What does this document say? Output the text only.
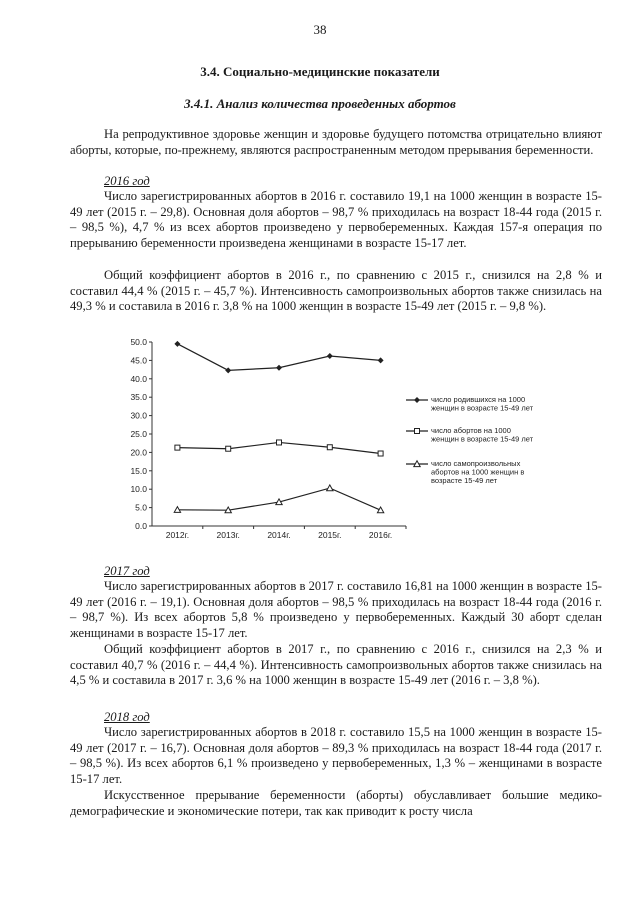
38
3.4. Социально-медицинские показатели
3.4.1. Анализ количества проведенных абортов

На репродуктивное здоровье женщин и здоровье будущего потомства отрицательно влияют аборты, которые, по-прежнему, являются распространенным методом прерывания беременности.

2016 год

Число зарегистрированных абортов в 2016 г. составило 19,1 на 1000 женщин в возрасте 15-49 лет (2015 г. – 29,8). Основная доля абортов – 98,7 % приходилась на возраст 18-44 года (2015 г. – 98,5 %), 4,7 % из всех абортов произведено у первобеременных. Каждая 157-я операция по прерыванию беременности произведена женщинами в возрасте 15-17 лет.

Общий коэффициент абортов в 2016 г., по сравнению с 2015 г., снизился на 2,8 % и составил 44,4 % (2015 г. – 45,7 %). Интенсивность самопроизвольных абортов также снизилась на 49,3 % и составила в 2016 г. 3,8 % на 1000 женщин в возрасте 15-49 лет (2015 г. – 9,8 %).

0.0
5.0
10.0
15.0
20.0
25.0
30.0
35.0
40.0
45.0
50.0
2012г.	2013г.	2014г.	2015г.	2016г.
число родившихся на 1000
женщин в возрасте 15-49 лет
число абортов на 1000
женщин в возрасте 15-49 лет
число самопроизвольных
абортов на 1000 женщин в
возрасте 15-49 лет
2017 год

Число зарегистрированных абортов в 2017 г. составило 16,81 на 1000 женщин в возрасте 15-49 лет (2016 г. – 19,1). Основная доля абортов – 98,5 % приходилась на возраст 18-44 года (2016 г. – 98,7 %). Из всех абортов 5,8 % произведено у первобеременных. Каждый 30 аборт сделан женщинами в возрасте 15-17 лет.

Общий коэффициент абортов в 2017 г., по сравнению с 2016 г., снизился на 2,3 % и составил 40,7 % (2016 г. – 44,4 %). Интенсивность самопроизвольных абортов также снизилась на 4,5 % и составила в 2017 г. 3,6 % на 1000 женщин в возрасте 15-49 лет (2016 г. – 3,8 %).

2018 год

Число зарегистрированных абортов в 2018 г. составило 15,5 на 1000 женщин в возрасте 15-49 лет (2017 г. – 16,7). Основная доля абортов – 89,3 % приходилась на возраст 18-44 года (2017 г. – 98,5 %). Из всех абортов 6,1 % произведено у первобеременных, 1,3 % – женщинами в возрасте 15-17 лет.

Искусственное прерывание беременности (аборты) обуславливает большие медико-демографические и экономические потери, так как приводит к росту числа
